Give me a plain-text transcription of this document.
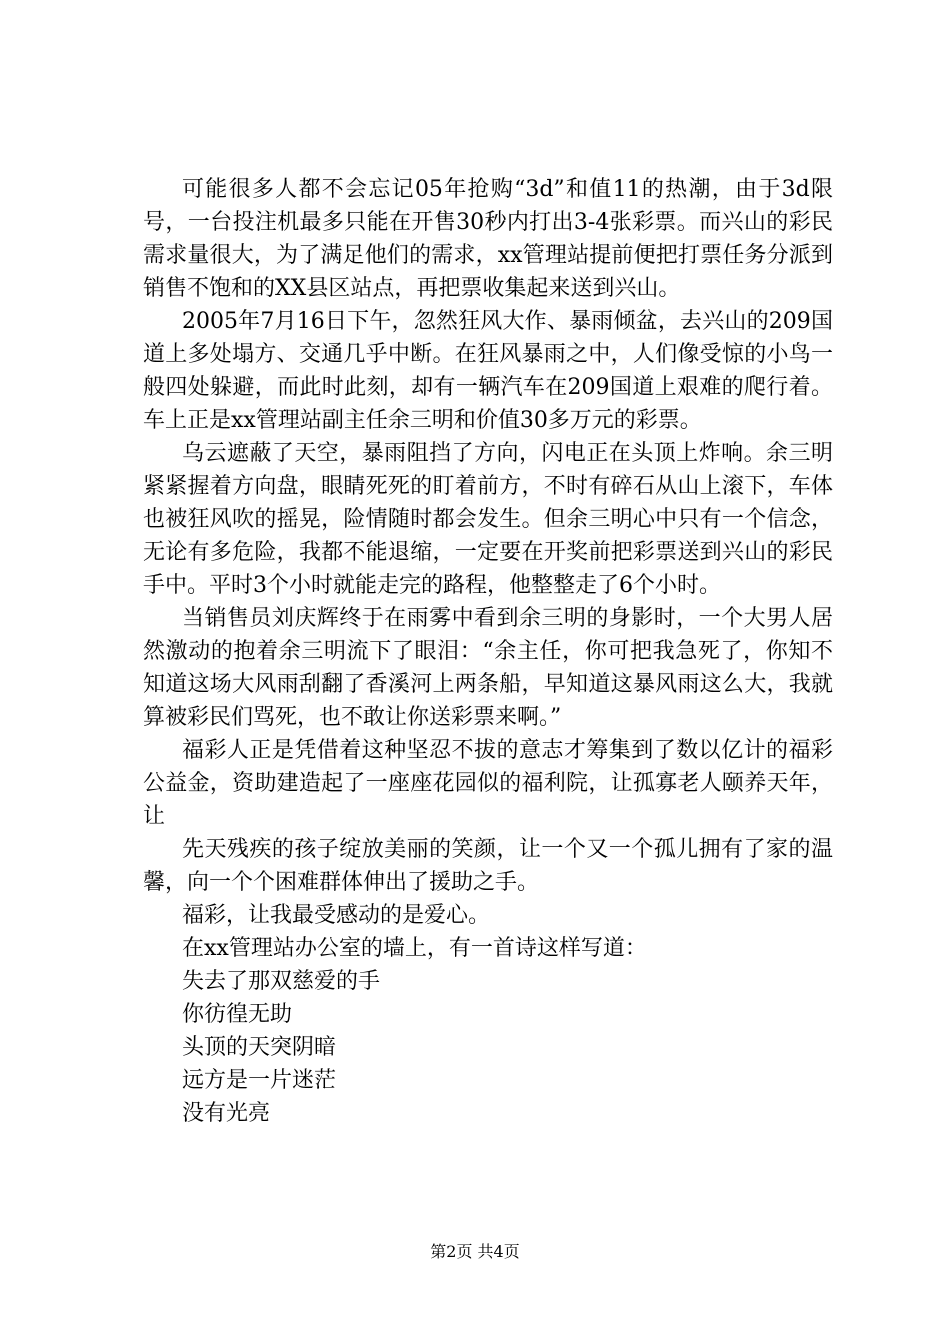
可能很多人都不会忘记05年抢购“3d”和值11的热潮，由于3d限号，一台投注机最多只能在开售30秒内打出3-4张彩票。而兴山的彩民需求量很大，为了满足他们的需求，xx管理站提前便把打票任务分派到销售不饱和的XX县区站点，再把票收集起来送到兴山。

2005年7月16日下午，忽然狂风大作、暴雨倾盆，去兴山的209国道上多处塌方、交通几乎中断。在狂风暴雨之中，人们像受惊的小鸟一般四处躲避，而此时此刻，却有一辆汽车在209国道上艰难的爬行着。车上正是xx管理站副主任余三明和价值30多万元的彩票。

乌云遮蔽了天空，暴雨阻挡了方向，闪电正在头顶上炸响。余三明紧紧握着方向盘，眼睛死死的盯着前方，不时有碎石从山上滚下，车体也被狂风吹的摇晃，险情随时都会发生。但余三明心中只有一个信念，无论有多危险，我都不能退缩，一定要在开奖前把彩票送到兴山的彩民手中。平时3个小时就能走完的路程，他整整走了6个小时。

当销售员刘庆辉终于在雨雾中看到余三明的身影时，一个大男人居然激动的抱着余三明流下了眼泪：“余主任，你可把我急死了，你知不知道这场大风雨刮翻了香溪河上两条船，早知道这暴风雨这么大，我就算被彩民们骂死，也不敢让你送彩票来啊。”

福彩人正是凭借着这种坚忍不拔的意志才筹集到了数以亿计的福彩公益金，资助建造起了一座座花园似的福利院，让孤寡老人颐养天年，让

先天残疾的孩子绽放美丽的笑颜，让一个又一个孤儿拥有了家的温馨，向一个个困难群体伸出了援助之手。

福彩，让我最受感动的是爱心。

在xx管理站办公室的墙上，有一首诗这样写道：

失去了那双慈爱的手

你彷徨无助

头顶的天突阴暗

远方是一片迷茫

没有光亮

第2页 共4页
